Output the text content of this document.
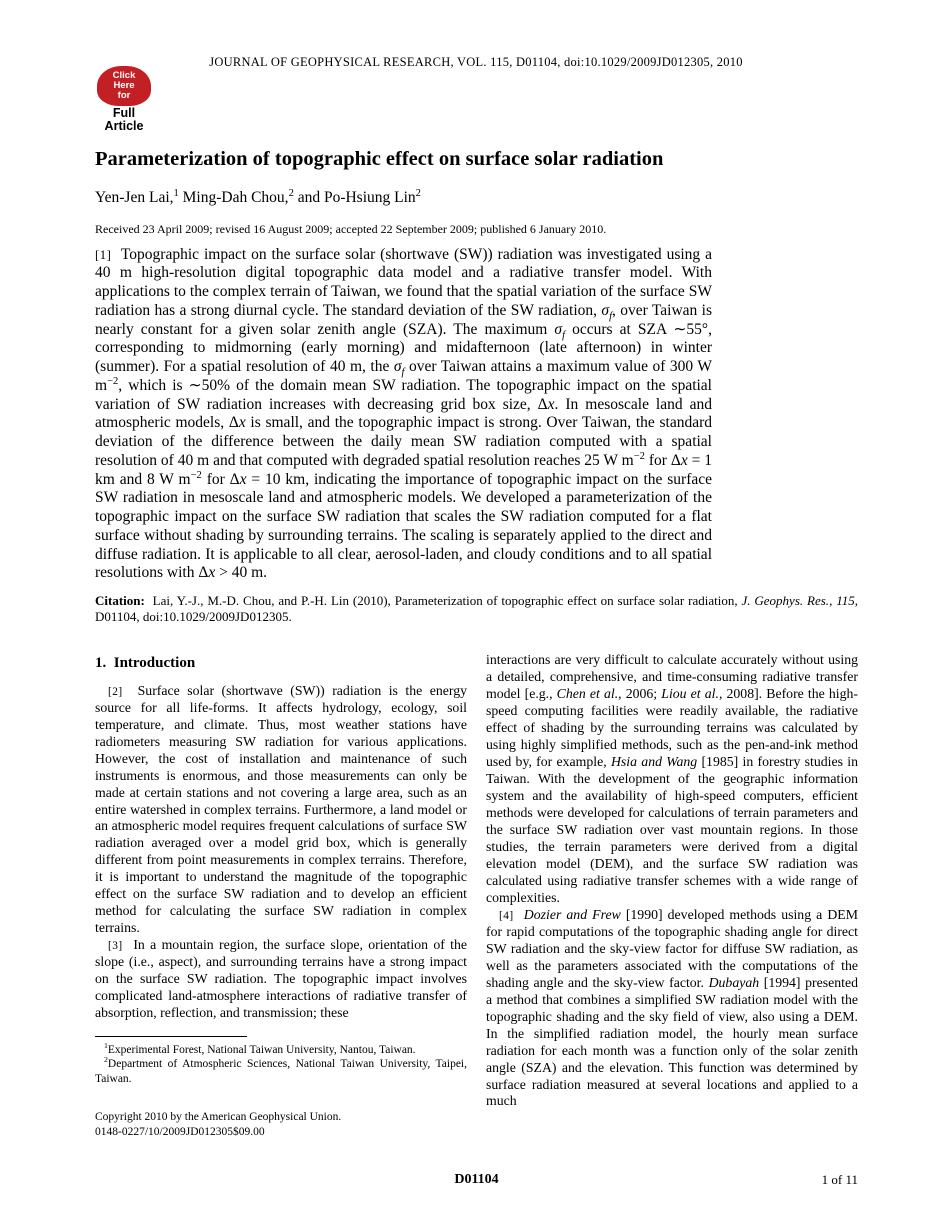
JOURNAL OF GEOPHYSICAL RESEARCH, VOL. 115, D01104, doi:10.1029/2009JD012305, 2010
Click
Here
for
Full
Article
Parameterization of topographic effect on surface solar radiation
Yen-Jen Lai,$^1$ Ming-Dah Chou,$^2$ and Po-Hsiung Lin$^2$
Received 23 April 2009; revised 16 August 2009; accepted 22 September 2009; published 6 January 2010.
[1]  Topographic impact on the surface solar (shortwave (SW)) radiation was investigated using a 40 m high-resolution digital topographic data model and a radiative transfer model. With applications to the complex terrain of Taiwan, we found that the spatial variation of the surface SW radiation has a strong diurnal cycle. The standard deviation of the SW radiation, $\sigma_f$, over Taiwan is nearly constant for a given solar zenith angle (SZA). The maximum $\sigma_f$ occurs at SZA ∼55°, corresponding to midmorning (early morning) and midafternoon (late afternoon) in winter (summer). For a spatial resolution of 40 m, the $\sigma_f$ over Taiwan attains a maximum value of 300 W $m^{-2}$, which is ∼50% of the domain mean SW radiation. The topographic impact on the spatial variation of SW radiation increases with decreasing grid box size, Δx. In mesoscale land and atmospheric models, Δx is small, and the topographic impact is strong. Over Taiwan, the standard deviation of the difference between the daily mean SW radiation computed with a spatial resolution of 40 m and that computed with degraded spatial resolution reaches 25 W $m^{-2}$ for Δx = 1 km and 8 W $m^{-2}$ for Δx = 10 km, indicating the importance of topographic impact on the surface SW radiation in mesoscale land and atmospheric models. We developed a parameterization of the topographic impact on the surface SW radiation that scales the SW radiation computed for a flat surface without shading by surrounding terrains. The scaling is separately applied to the direct and diffuse radiation. It is applicable to all clear, aerosol-laden, and cloudy conditions and to all spatial resolutions with Δx > 40 m.
Citation:  Lai, Y.-J., M.-D. Chou, and P.-H. Lin (2010), Parameterization of topographic effect on surface solar radiation, J. Geophys. Res., 115, D01104, doi:10.1029/2009JD012305.
1.  Introduction

[2]  Surface solar (shortwave (SW)) radiation is the energy source for all life-forms. It affects hydrology, ecology, soil temperature, and climate. Thus, most weather stations have radiometers measuring SW radiation for various applications. However, the cost of installation and maintenance of such instruments is enormous, and those measurements can only be made at certain stations and not covering a large area, such as an entire watershed in complex terrains. Furthermore, a land model or an atmospheric model requires frequent calculations of surface SW radiation averaged over a model grid box, which is generally different from point measurements in complex terrains. Therefore, it is important to understand the magnitude of the topographic effect on the surface SW radiation and to develop an efficient method for calculating the surface SW radiation in complex terrains.

[3]  In a mountain region, the surface slope, orientation of the slope (i.e., aspect), and surrounding terrains have a strong impact on the surface SW radiation. The topographic impact involves complicated land-atmosphere interactions of radiative transfer of absorption, reflection, and transmission; these

$^1$Experimental Forest, National Taiwan University, Nantou, Taiwan.

$^2$Department of Atmospheric Sciences, National Taiwan University, Taipei, Taiwan.

Copyright 2010 by the American Geophysical Union.
0148-0227/10/2009JD012305$09.00

interactions are very difficult to calculate accurately without using a detailed, comprehensive, and time-consuming radiative transfer model [e.g., Chen et al., 2006; Liou et al., 2008]. Before the high-speed computing facilities were readily available, the radiative effect of shading by the surrounding terrains was calculated by using highly simplified methods, such as the pen-and-ink method used by, for example, Hsia and Wang [1985] in forestry studies in Taiwan. With the development of the geographic information system and the availability of high-speed computers, efficient methods were developed for calculations of terrain parameters and the surface SW radiation over vast mountain regions. In those studies, the terrain parameters were derived from a digital elevation model (DEM), and the surface SW radiation was calculated using radiative transfer schemes with a wide range of complexities.

[4] Dozier and Frew [1990] developed methods using a DEM for rapid computations of the topographic shading angle for direct SW radiation and the sky-view factor for diffuse SW radiation, as well as the parameters associated with the computations of the shading angle and the sky-view factor. Dubayah [1994] presented a method that combines a simplified SW radiation model with the topographic shading and the sky field of view, also using a DEM. In the simplified radiation model, the hourly mean surface radiation for each month was a function only of the solar zenith angle (SZA) and the elevation. This function was determined by surface radiation measured at several locations and applied to a much

D01104	1 of 11
